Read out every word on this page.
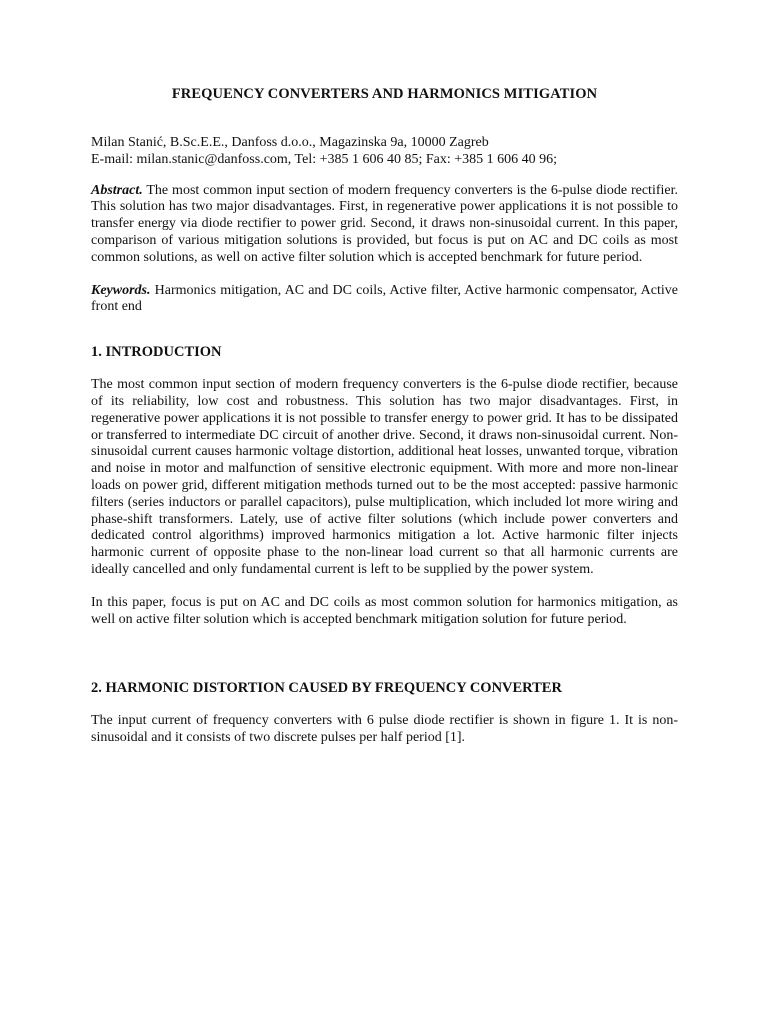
FREQUENCY CONVERTERS AND HARMONICS MITIGATION
Milan Stanić, B.Sc.E.E., Danfoss d.o.o., Magazinska 9a, 10000 Zagreb
E-mail: milan.stanic@danfoss.com, Tel: +385 1 606 40 85; Fax: +385 1 606 40 96;

Abstract. The most common input section of modern frequency converters is the 6-pulse diode rectifier. This solution has two major disadvantages. First, in regenerative power applications it is not possible to transfer energy via diode rectifier to power grid. Second, it draws non-sinusoidal current. In this paper, comparison of various mitigation solutions is provided, but focus is put on AC and DC coils as most common solutions, as well on active filter solution which is accepted benchmark for future period.

Keywords. Harmonics mitigation, AC and DC coils, Active filter, Active harmonic compensator, Active front end

1. INTRODUCTION

The most common input section of modern frequency converters is the 6-pulse diode rectifier, because of its reliability, low cost and robustness. This solution has two major disadvantages. First, in regenerative power applications it is not possible to transfer energy to power grid. It has to be dissipated or transferred to intermediate DC circuit of another drive. Second, it draws non-sinusoidal current. Non-sinusoidal current causes harmonic voltage distortion, additional heat losses, unwanted torque, vibration and noise in motor and malfunction of sensitive electronic equipment. With more and more non-linear loads on power grid, different mitigation methods turned out to be the most accepted: passive harmonic filters (series inductors or parallel capacitors), pulse multiplication, which included lot more wiring and phase-shift transformers. Lately, use of active filter solutions (which include power converters and dedicated control algorithms) improved harmonics mitigation a lot. Active harmonic filter injects harmonic current of opposite phase to the non-linear load current so that all harmonic currents are ideally cancelled and only fundamental current is left to be supplied by the power system.

In this paper, focus is put on AC and DC coils as most common solution for harmonics mitigation, as well on active filter solution which is accepted benchmark mitigation solution for future period.

2. HARMONIC DISTORTION CAUSED BY FREQUENCY CONVERTER

The input current of frequency converters with 6 pulse diode rectifier is shown in figure 1. It is non-sinusoidal and it consists of two discrete pulses per half period [1].
